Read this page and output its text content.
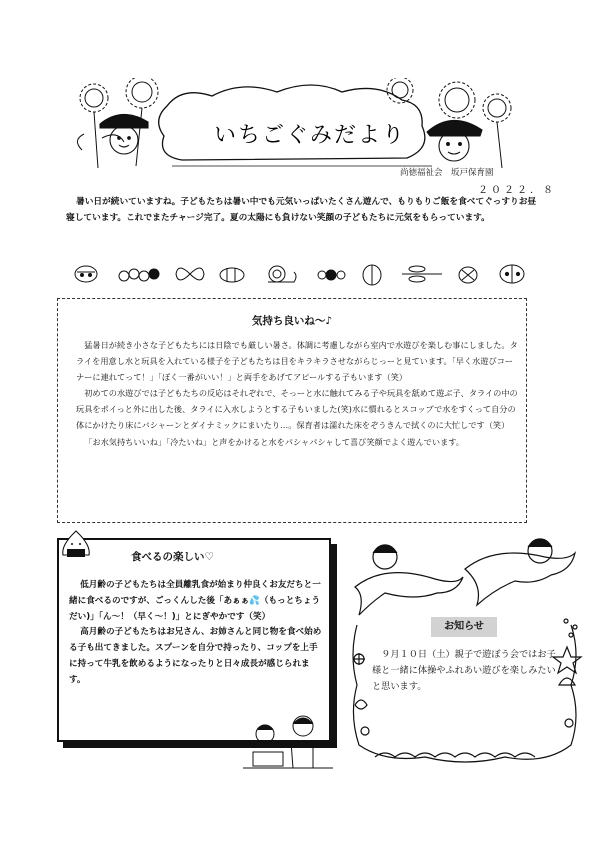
いちごぐみだより
尚徳福祉会　坂戸保育園
２０２２．８

暑い日が続いていますね。子どもたちは暑い中でも元気いっぱいたくさん遊んで、もりもりご飯を食べてぐっすりお昼寝しています。これでまたチャージ完了。夏の太陽にも負けない笑顔の子どもたちに元気をもらっています。

気持ち良いね～♪

猛暑日が続き小さな子どもたちには日陰でも厳しい暑さ。体調に考慮しながら室内で水遊びを楽しむ事にしました。タライを用意し水と玩具を入れている様子を子どもたちは目をキラキラさせながらじっーと見ています。「早く水遊びコーナーに連れてって！」「ぼく一番がいい！」と両手をあげてアピールする子もいます（笑）

初めての水遊びでは子どもたちの反応はそれぞれで、そっーと水に触れてみる子や玩具を舐めて遊ぶ子、タライの中の玩具をポイっと外に出した後、タライに入水しようとする子もいました(笑)水に慣れるとスコップで水をすくって自分の体にかけたり床にバシャーンとダイナミックにまいたり…。保育者は濡れた床をぞうきんで拭くのに大忙しです（笑）

「お水気持ちいいね」「冷たいね」と声をかけると水をパシャパシャして喜び笑顔でよく遊んでいます。

食べるの楽しい♡

低月齢の子どもたちは全員離乳食が始まり仲良くお友だちと一緒に食べるのですが、ごっくんした後「あぁぁ💦（もっとちょうだい)」「ん～！（早く～！)」とにぎやかです（笑）

高月齢の子どもたちはお兄さん、お姉さんと同じ物を食べ始める子も出てきました。スプーンを自分で持ったり、コップを上手に持って牛乳を飲めるようになったりと日々成長が感じられます。

お知らせ

９月１０日（土）親子で遊ぼう会ではお子様と一緒に体操やふれあい遊びを楽しみたいと思います。
